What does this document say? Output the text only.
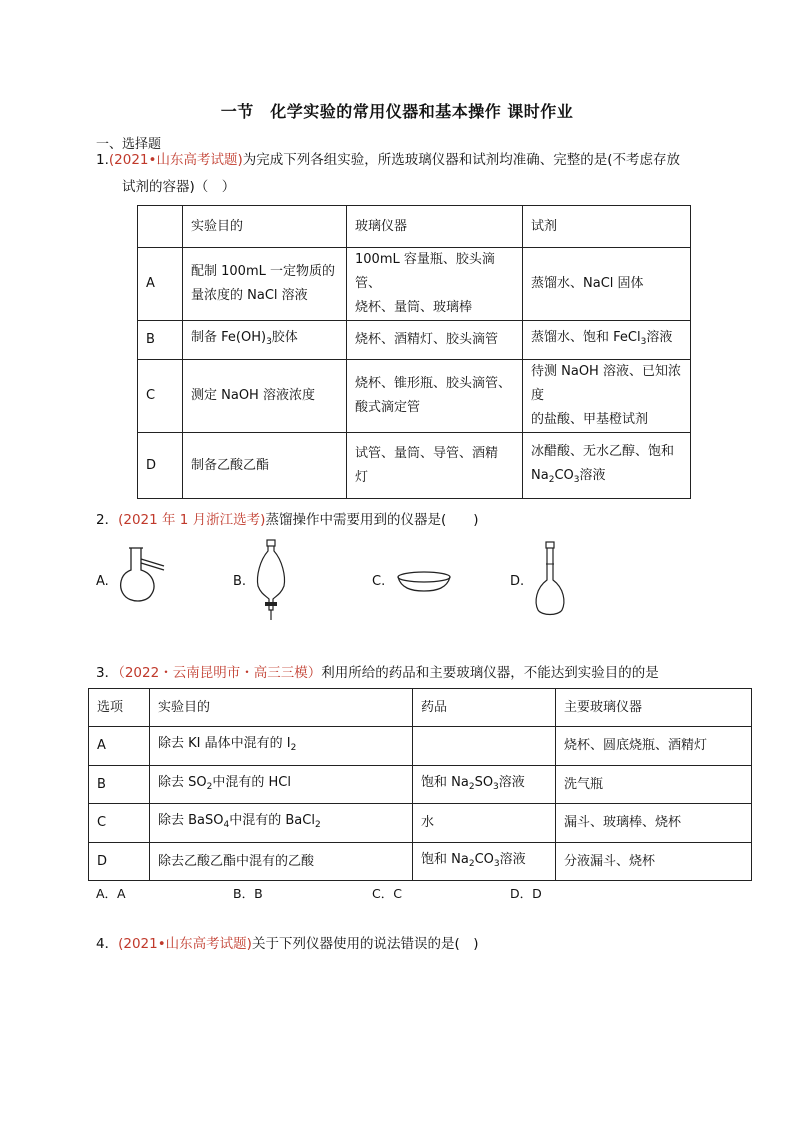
一节　化学实验的常用仪器和基本操作 课时作业
一、选择题
1.(2021•山东高考试题)为完成下列各组实验，所选玻璃仪器和试剂均准确、完整的是(不考虑存放
试剂的容器)（　）
	实验目的	玻璃仪器	试剂
A	配制 100mL 一定物质的
量浓度的 NaCl 溶液	100mL 容量瓶、胶头滴管、
烧杯、量筒、玻璃棒	蒸馏水、NaCl 固体
B	制备 $Fe(OH)_3$胶体	烧杯、酒精灯、胶头滴管	蒸馏水、饱和 FeCl$_3$溶液
C	测定 NaOH 溶液浓度	烧杯、锥形瓶、胶头滴管、
酸式滴定管	待测 NaOH 溶液、已知浓度
的盐酸、甲基橙试剂
D	制备乙酸乙酯	试管、量筒、导管、酒精
灯	冰醋酸、无水乙醇、饱和
$Na_2CO_3$溶液
2．(2021 年 1 月浙江选考)蒸馏操作中需要用到的仪器是(　　)
A.	B.	C.	D.
3．（2022・云南昆明市・高三三模）利用所给的药品和主要玻璃仪器，不能达到实验目的的是
选项	实验目的	药品	主要玻璃仪器
A	除去 KI 晶体中混有的 $I_2$		烧杯、圆底烧瓶、酒精灯
B	除去 $SO_2$中混有的 HCl	饱和 $Na_2SO_3$溶液	洗气瓶
C	除去 BaSO$_4$中混有的 BaCl$_2$	水	漏斗、玻璃棒、烧杯
D	除去乙酸乙酯中混有的乙酸	饱和 $Na_2CO_3$溶液	分液漏斗、烧杯
A．A	B．B	C．C	D．D
4．(2021•山东高考试题)关于下列仪器使用的说法错误的是(　)
